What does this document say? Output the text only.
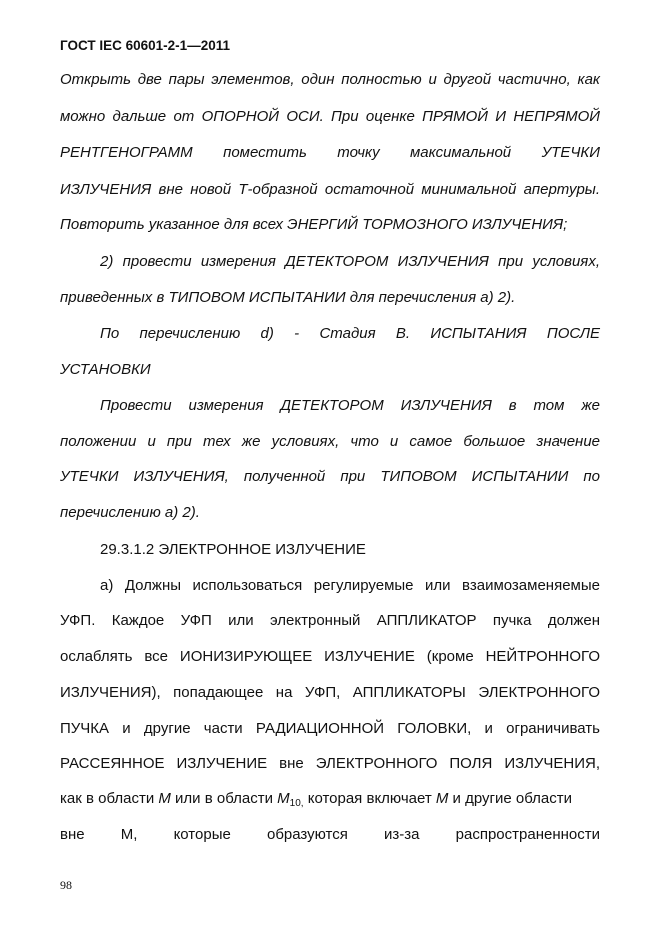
ГОСТ IEC 60601-2-1—2011
Открыть две пары элементов, один полностью и другой частично, как
можно дальше от ОПОРНОЙ ОСИ. При оценке ПРЯМОЙ И НЕПРЯМОЙ
РЕНТГЕНОГРАММ поместить точку максимальной УТЕЧКИ
ИЗЛУЧЕНИЯ вне новой Т-образной остаточной минимальной апертуры.
Повторить указанное для всех ЭНЕРГИЙ ТОРМОЗНОГО ИЗЛУЧЕНИЯ;
2) провести измерения ДЕТЕКТОРОМ ИЗЛУЧЕНИЯ при условиях,
приведенных в ТИПОВОМ ИСПЫТАНИИ для перечисления а) 2).
По перечислению d) - Стадия В. ИСПЫТАНИЯ ПОСЛЕ
УСТАНОВКИ
Провести измерения ДЕТЕКТОРОМ ИЗЛУЧЕНИЯ в том же
положении и при тех же условиях, что и самое большое значение
УТЕЧКИ ИЗЛУЧЕНИЯ, полученной при ТИПОВОМ ИСПЫТАНИИ по
перечислению а) 2).
29.3.1.2 ЭЛЕКТРОННОЕ ИЗЛУЧЕНИЕ
а) Должны использоваться регулируемые или взаимозаменяемые
УФП. Каждое УФП или электронный АППЛИКАТОР пучка должен
ослаблять все ИОНИЗИРУЮЩЕЕ ИЗЛУЧЕНИЕ (кроме НЕЙТРОННОГО
ИЗЛУЧЕНИЯ), попадающее на УФП, АППЛИКАТОРЫ ЭЛЕКТРОННОГО
ПУЧКА и другие части РАДИАЦИОННОЙ ГОЛОВКИ, и ограничивать
РАССЕЯННОЕ ИЗЛУЧЕНИЕ вне ЭЛЕКТРОННОГО ПОЛЯ ИЗЛУЧЕНИЯ,
как в области М или в области $М_{10,}$ которая включает М и другие области
вне М, которые образуются из-за распространенности
98
